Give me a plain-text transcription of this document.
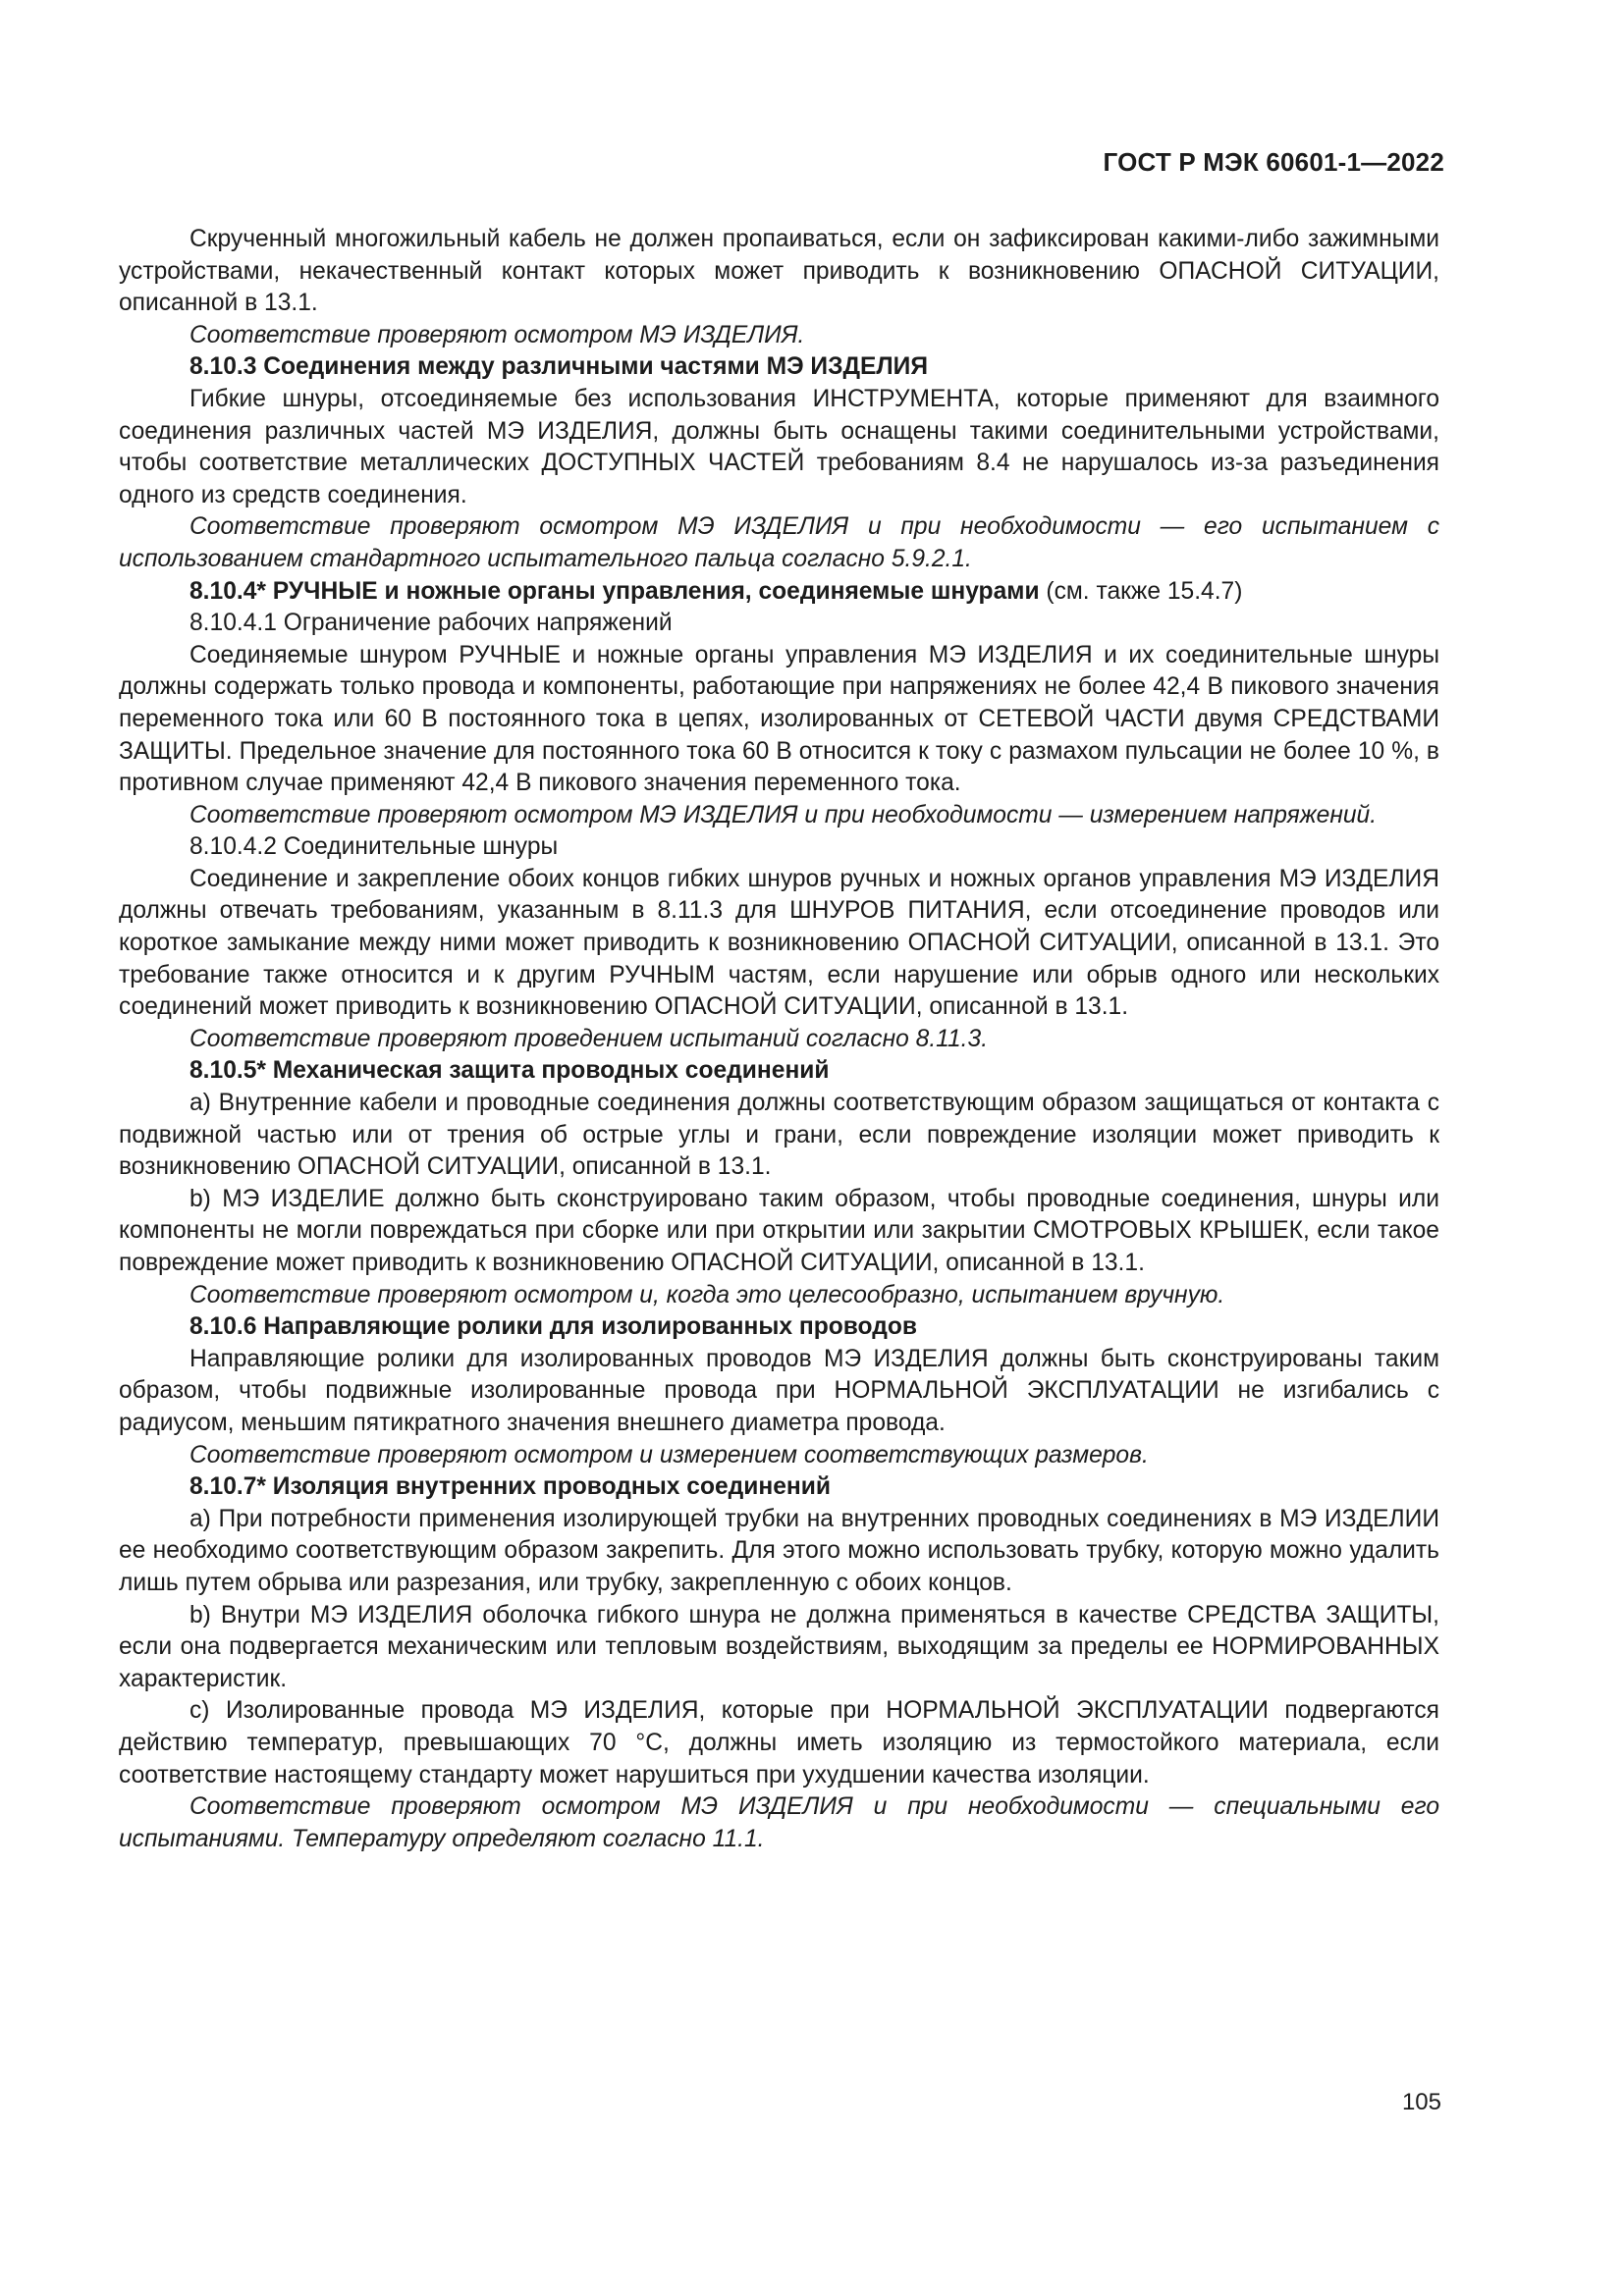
ГОСТ Р МЭК 60601-1—2022

Скрученный многожильный кабель не должен пропаиваться, если он зафиксирован какими-либо зажимными устройствами, некачественный контакт которых может приводить к возникновению ОПАСНОЙ СИТУАЦИИ, описанной в 13.1.

Соответствие проверяют осмотром МЭ ИЗДЕЛИЯ.

8.10.3 Соединения между различными частями МЭ ИЗДЕЛИЯ

Гибкие шнуры, отсоединяемые без использования ИНСТРУМЕНТА, которые применяют для взаимного соединения различных частей МЭ ИЗДЕЛИЯ, должны быть оснащены такими соединительными устройствами, чтобы соответствие металлических ДОСТУПНЫХ ЧАСТЕЙ требованиям 8.4 не нарушалось из-за разъединения одного из средств соединения.

Соответствие проверяют осмотром МЭ ИЗДЕЛИЯ и при необходимости — его испытанием с использованием стандартного испытательного пальца согласно 5.9.2.1.

8.10.4* РУЧНЫЕ и ножные органы управления, соединяемые шнурами (см. также 15.4.7)

8.10.4.1 Ограничение рабочих напряжений

Соединяемые шнуром РУЧНЫЕ и ножные органы управления МЭ ИЗДЕЛИЯ и их соединительные шнуры должны содержать только провода и компоненты, работающие при напряжениях не более 42,4 В пикового значения переменного тока или 60 В постоянного тока в цепях, изолированных от СЕТЕВОЙ ЧАСТИ двумя СРЕДСТВАМИ ЗАЩИТЫ. Предельное значение для постоянного тока 60 В относится к току с размахом пульсации не более 10 %, в противном случае применяют 42,4 В пикового значения переменного тока.

Соответствие проверяют осмотром МЭ ИЗДЕЛИЯ и при необходимости — измерением напряжений.

8.10.4.2 Соединительные шнуры

Соединение и закрепление обоих концов гибких шнуров ручных и ножных органов управления МЭ ИЗДЕЛИЯ должны отвечать требованиям, указанным в 8.11.3 для ШНУРОВ ПИТАНИЯ, если отсоединение проводов или короткое замыкание между ними может приводить к возникновению ОПАСНОЙ СИТУАЦИИ, описанной в 13.1. Это требование также относится и к другим РУЧНЫМ частям, если нарушение или обрыв одного или нескольких соединений может приводить к возникновению ОПАСНОЙ СИТУАЦИИ, описанной в 13.1.

Соответствие проверяют проведением испытаний согласно 8.11.3.

8.10.5* Механическая защита проводных соединений

a) Внутренние кабели и проводные соединения должны соответствующим образом защищаться от контакта с подвижной частью или от трения об острые углы и грани, если повреждение изоляции может приводить к возникновению ОПАСНОЙ СИТУАЦИИ, описанной в 13.1.

b) МЭ ИЗДЕЛИЕ должно быть сконструировано таким образом, чтобы проводные соединения, шнуры или компоненты не могли повреждаться при сборке или при открытии или закрытии СМОТРОВЫХ КРЫШЕК, если такое повреждение может приводить к возникновению ОПАСНОЙ СИТУАЦИИ, описанной в 13.1.

Соответствие проверяют осмотром и, когда это целесообразно, испытанием вручную.

8.10.6 Направляющие ролики для изолированных проводов

Направляющие ролики для изолированных проводов МЭ ИЗДЕЛИЯ должны быть сконструированы таким образом, чтобы подвижные изолированные провода при НОРМАЛЬНОЙ ЭКСПЛУАТАЦИИ не изгибались с радиусом, меньшим пятикратного значения внешнего диаметра провода.

Соответствие проверяют осмотром и измерением соответствующих размеров.

8.10.7* Изоляция внутренних проводных соединений

a) При потребности применения изолирующей трубки на внутренних проводных соединениях в МЭ ИЗДЕЛИИ ее необходимо соответствующим образом закрепить. Для этого можно использовать трубку, которую можно удалить лишь путем обрыва или разрезания, или трубку, закрепленную с обоих концов.

b) Внутри МЭ ИЗДЕЛИЯ оболочка гибкого шнура не должна применяться в качестве СРЕДСТВА ЗАЩИТЫ, если она подвергается механическим или тепловым воздействиям, выходящим за пределы ее НОРМИРОВАННЫХ характеристик.

c) Изолированные провода МЭ ИЗДЕЛИЯ, которые при НОРМАЛЬНОЙ ЭКСПЛУАТАЦИИ подвергаются действию температур, превышающих 70 °C, должны иметь изоляцию из термостойкого материала, если соответствие настоящему стандарту может нарушиться при ухудшении качества изоляции.

Соответствие проверяют осмотром МЭ ИЗДЕЛИЯ и при необходимости — специальными его испытаниями. Температуру определяют согласно 11.1.

105
